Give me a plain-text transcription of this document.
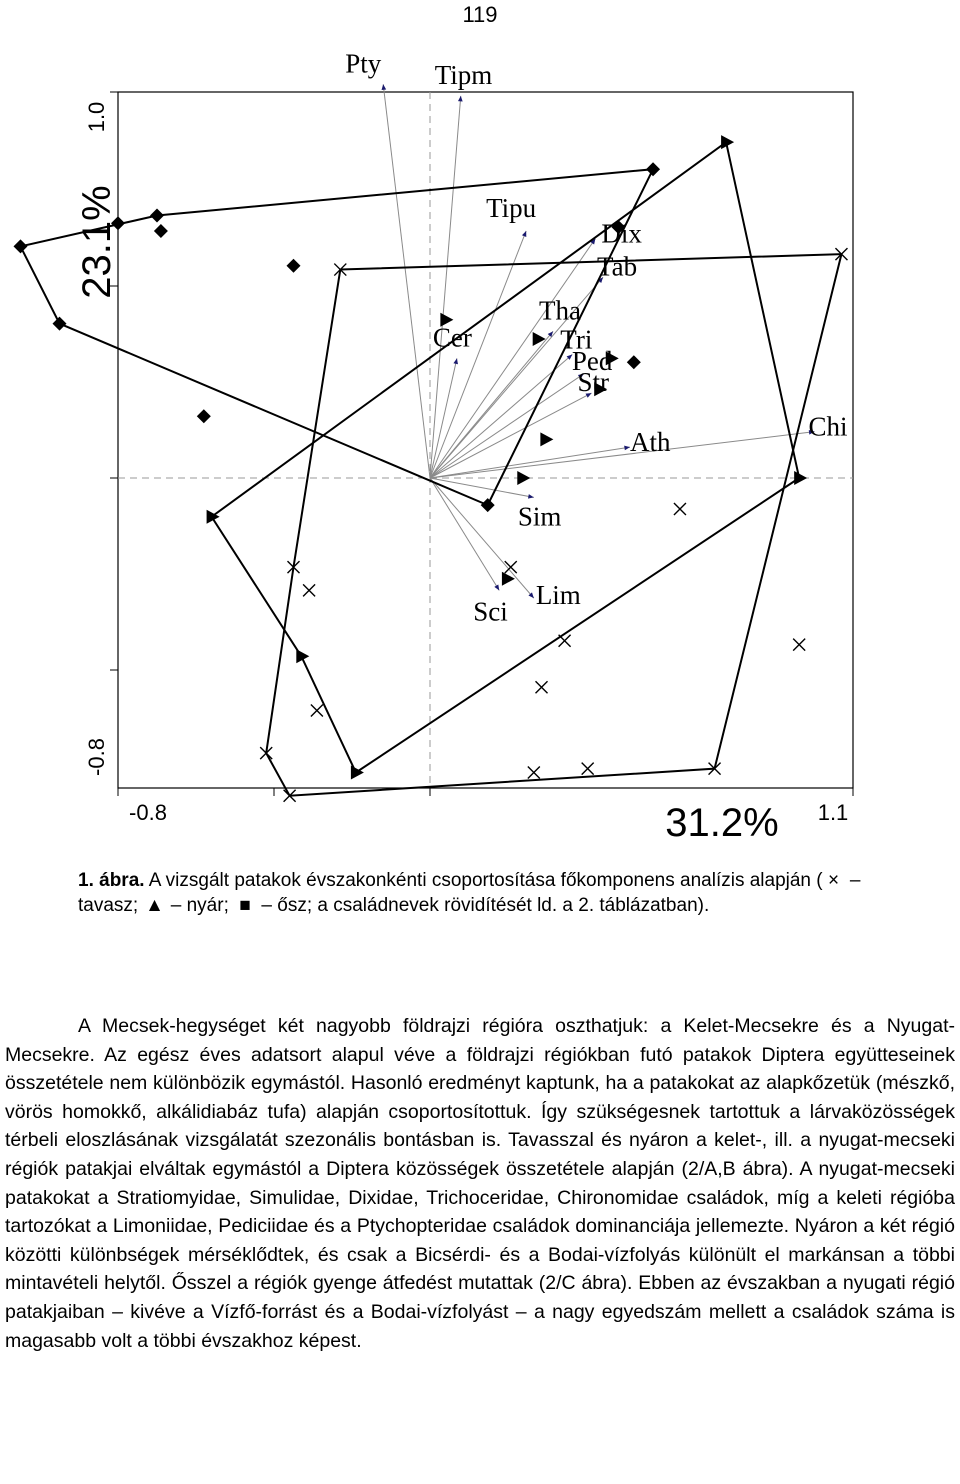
119
-0.8	1.1
1.0
-0.8
31.2%
23.1%
Pty Tipm
Tipu
Dix
Tab
Cer
Tha
Tri
Ped
Str
Ath
Chi
Sim
Lim
Sci
1. ábra. A vizsgált patakok évszakonkénti csoportosítása főkomponens analízis alapján ( × – tavasz; ▲ – nyár; ■ – ősz; a családnevek rövidítését ld. a 2. táblázatban).

A Mecsek-hegységet két nagyobb földrajzi régióra oszthatjuk: a Kelet-Mecsekre és a Nyugat-Mecsekre. Az egész éves adatsort alapul véve a földrajzi régiókban futó patakok Diptera együtteseinek összetétele nem különbözik egymástól. Hasonló eredményt kaptunk, ha a patakokat az alapkőzetük (mészkő, vörös homokkő, alkálidiabáz tufa) alapján csoportosítottuk. Így szükségesnek tartottuk a lárvaközösségek térbeli eloszlásának vizsgálatát szezonális bontásban is. Tavasszal és nyáron a kelet-, ill. a nyugat-mecseki régiók patakjai elváltak egymástól a Diptera közösségek összetétele alapján (2/A,B ábra). A nyugat-mecseki patakokat a Stratiomyidae, Simulidae, Dixidae, Trichoceridae, Chironomidae családok, míg a keleti régióba tartozókat a Limoniidae, Pediciidae és a Ptychopteridae családok dominanciája jellemezte. Nyáron a két régió közötti különbségek mérséklődtek, és csak a Bicsérdi- és a Bodai-vízfolyás különült el markánsan a többi mintavételi helytől. Ősszel a régiók gyenge átfedést mutattak (2/C ábra). Ebben az évszakban a nyugati régió patakjaiban – kivéve a Vízfő-forrást és a Bodai-vízfolyást – a nagy egyedszám mellett a családok száma is magasabb volt a többi évszakhoz képest.
